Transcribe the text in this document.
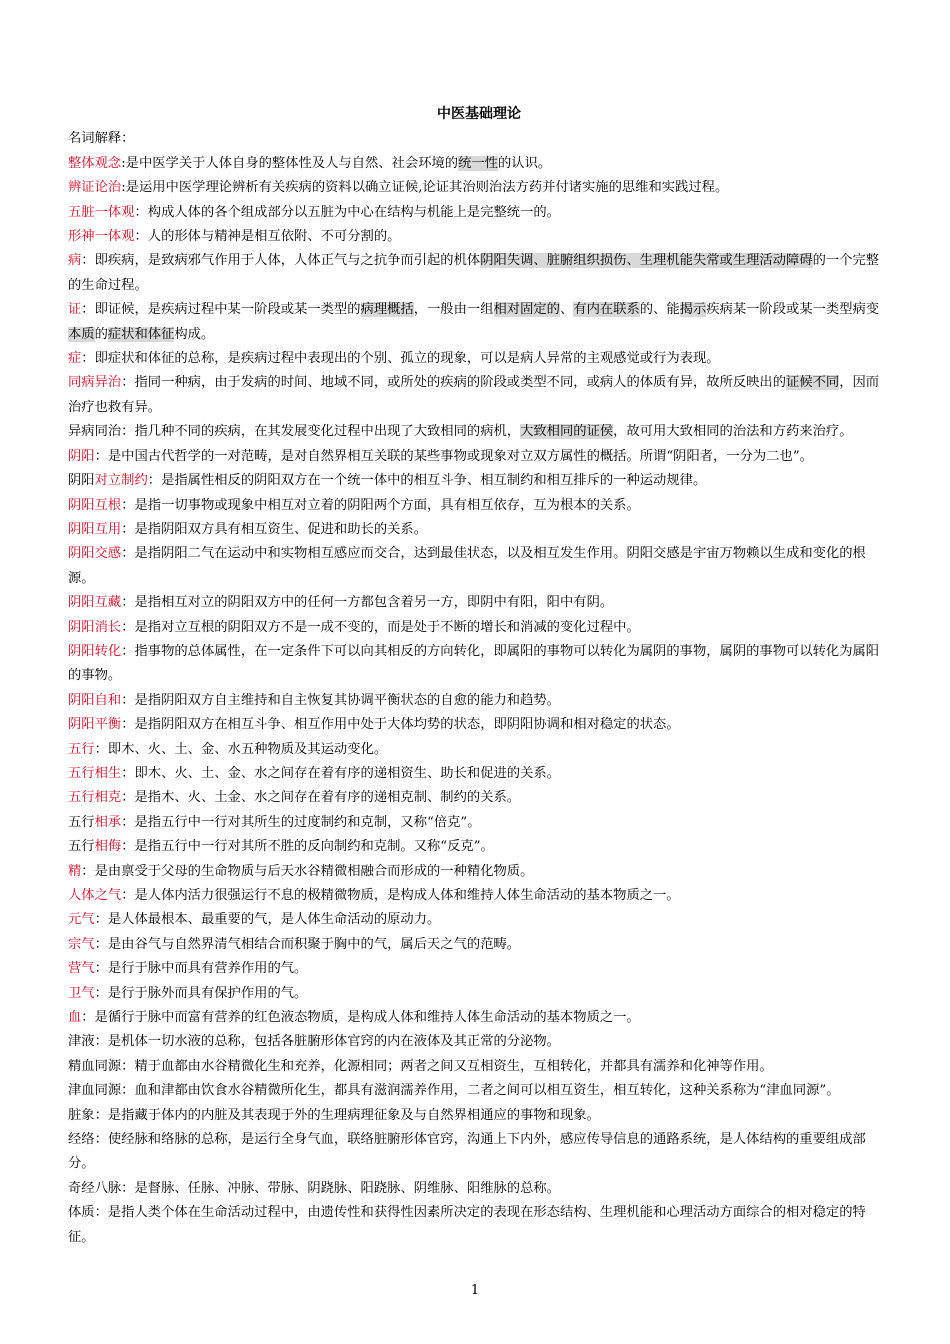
中医基础理论

名词解释：

整体观念:是中医学关于人体自身的整体性及人与自然、社会环境的统一性的认识。

辨证论治:是运用中医学理论辨析有关疾病的资料以确立证候,论证其治则治法方药并付诸实施的思维和实践过程。

五脏一体观：构成人体的各个组成部分以五脏为中心在结构与机能上是完整统一的。

形神一体观：人的形体与精神是相互依附、不可分割的。

病：即疾病，是致病邪气作用于人体，人体正气与之抗争而引起的机体阴阳失调、脏腑组织损伤、生理机能失常或生理活动障碍的一个完整的生命过程。

证：即证候，是疾病过程中某一阶段或某一类型的病理概括，一般由一组相对固定的、有内在联系的、能揭示疾病某一阶段或某一类型病变本质的症状和体征构成。

症：即症状和体征的总称，是疾病过程中表现出的个别、孤立的现象，可以是病人异常的主观感觉或行为表现。

同病异治：指同一种病，由于发病的时间、地域不同，或所处的疾病的阶段或类型不同，或病人的体质有异，故所反映出的证候不同，因而治疗也救有异。

异病同治：指几种不同的疾病，在其发展变化过程中出现了大致相同的病机，大致相同的证侯，故可用大致相同的治法和方药来治疗。

阴阳：是中国古代哲学的一对范畴，是对自然界相互关联的某些事物或现象对立双方属性的概括。所谓“阴阳者，一分为二也”。

阴阳对立制约：是指属性相反的阴阳双方在一个统一体中的相互斗争、相互制约和相互排斥的一种运动规律。

阴阳互根：是指一切事物或现象中相互对立着的阴阳两个方面，具有相互依存，互为根本的关系。

阴阳互用：是指阴阳双方具有相互资生、促进和助长的关系。

阴阳交感：是指阴阳二气在运动中和实物相互感应而交合，达到最佳状态，以及相互发生作用。阴阳交感是宇宙万物赖以生成和变化的根源。

阴阳互藏：是指相互对立的阴阳双方中的任何一方都包含着另一方，即阴中有阳，阳中有阴。

阴阳消长：是指对立互根的阴阳双方不是一成不变的，而是处于不断的增长和消减的变化过程中。

阴阳转化：指事物的总体属性，在一定条件下可以向其相反的方向转化，即属阳的事物可以转化为属阴的事物，属阴的事物可以转化为属阳的事物。

阴阳自和：是指阴阳双方自主维持和自主恢复其协调平衡状态的自愈的能力和趋势。

阴阳平衡：是指阴阳双方在相互斗争、相互作用中处于大体均势的状态，即阴阳协调和相对稳定的状态。

五行：即木、火、土、金、水五种物质及其运动变化。

五行相生：即木、火、土、金、水之间存在着有序的递相资生、助长和促进的关系。

五行相克：是指木、火、土金、水之间存在着有序的递相克制、制约的关系。

五行相承：是指五行中一行对其所生的过度制约和克制，又称“倍克”。

五行相侮：是指五行中一行对其所不胜的反向制约和克制。又称“反克”。

精：是由禀受于父母的生命物质与后天水谷精微相融合而形成的一种精化物质。

人体之气：是人体内活力很强运行不息的极精微物质，是构成人体和维持人体生命活动的基本物质之一。

元气：是人体最根本、最重要的气，是人体生命活动的原动力。

宗气：是由谷气与自然界清气相结合而积聚于胸中的气，属后天之气的范畴。

营气：是行于脉中而具有营养作用的气。

卫气：是行于脉外而具有保护作用的气。

血：是循行于脉中而富有营养的红色液态物质，是构成人体和维持人体生命活动的基本物质之一。

津液：是机体一切水液的总称，包括各脏腑形体官窍的内在液体及其正常的分泌物。

精血同源：精于血都由水谷精微化生和充养，化源相同；两者之间又互相资生，互相转化，并都具有濡养和化神等作用。

津血同源：血和津都由饮食水谷精微所化生，都具有滋润濡养作用，二者之间可以相互资生，相互转化，这种关系称为“津血同源”。

脏象：是指藏于体内的内脏及其表现于外的生理病理征象及与自然界相通应的事物和现象。

经络：使经脉和络脉的总称，是运行全身气血，联络脏腑形体官窍，沟通上下内外，感应传导信息的通路系统，是人体结构的重要组成部分。

奇经八脉：是督脉、任脉、冲脉、带脉、阴跷脉、阳跷脉、阴维脉、阳维脉的总称。

体质：是指人类个体在生命活动过程中，由遗传性和获得性因素所决定的表现在形态结构、生理机能和心理活动方面综合的相对稳定的特征。

1
